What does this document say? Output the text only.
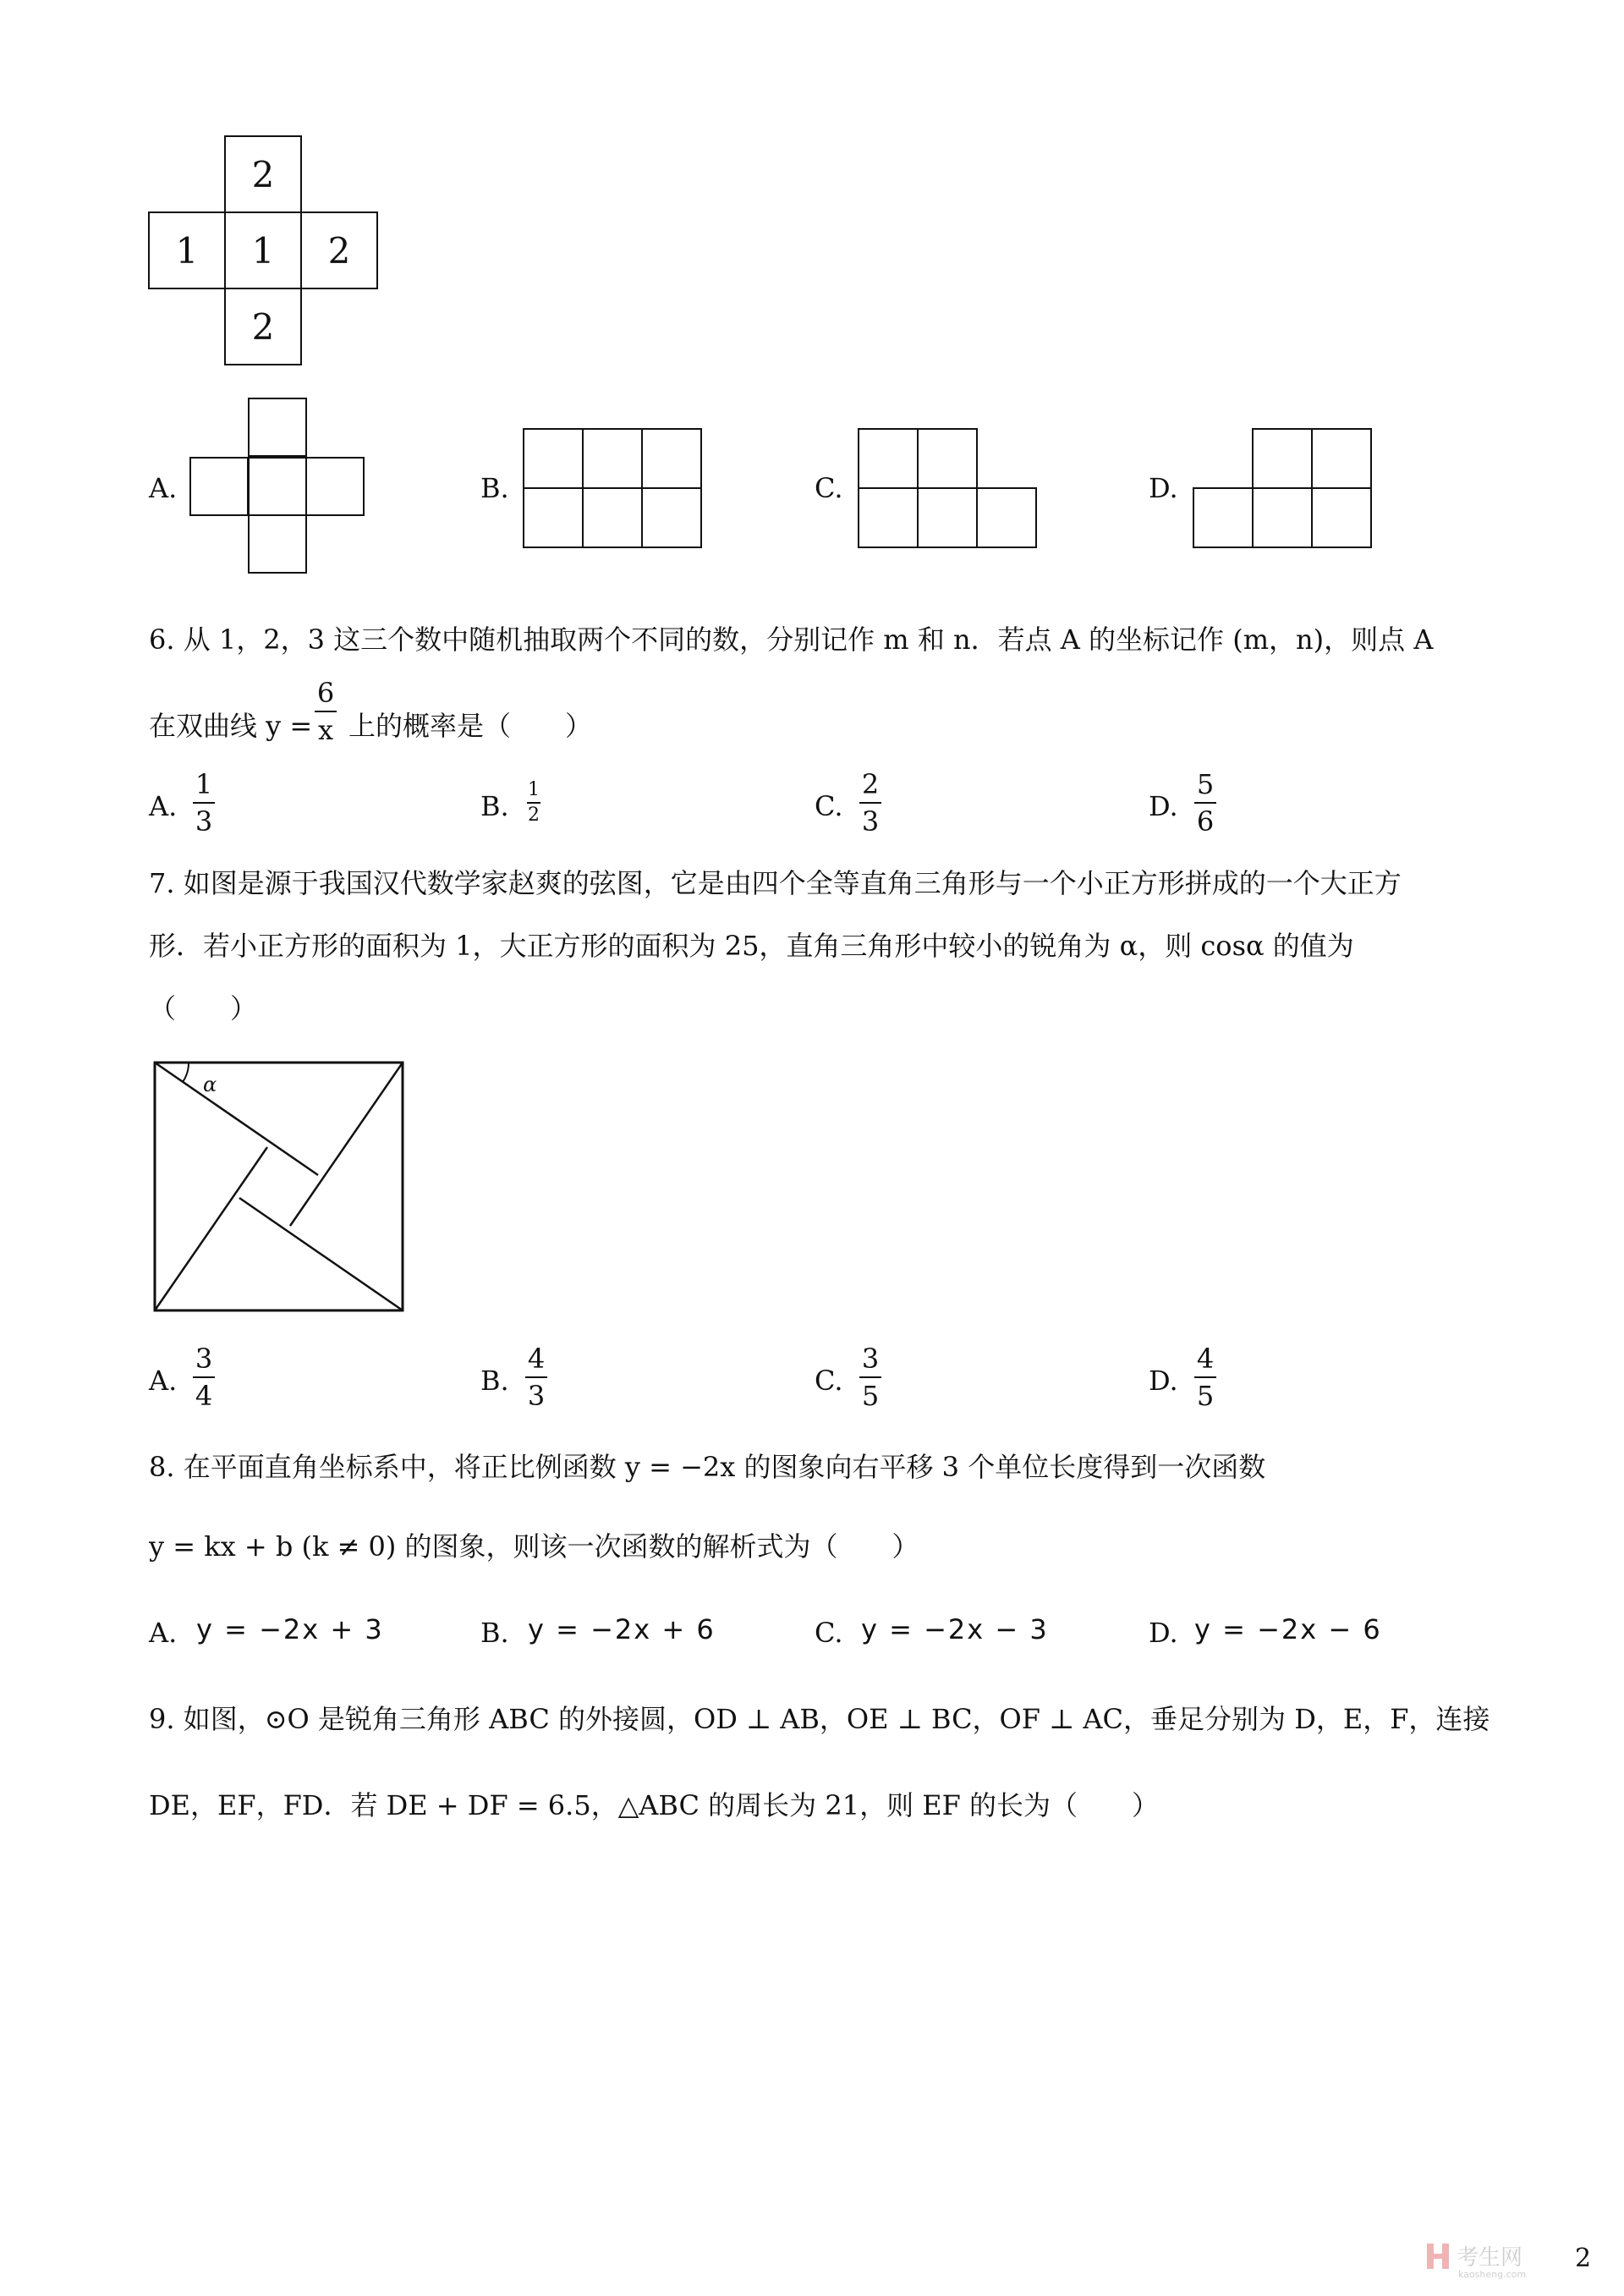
2
1	1	2
2
A.	B.	C.	D.
6. 从 1，2，3 这三个数中随机抽取两个不同的数，分别记作 m 和 n．若点 A 的坐标记作 (m，n)，则点 A
在双曲线 y =
6
x 上的概率是（　　）
A.
1
3	B.
1
2	C.
2
3	D.
5
6
7. 如图是源于我国汉代数学家赵爽的弦图，它是由四个全等直角三角形与一个小正方形拼成的一个大正方
形．若小正方形的面积为 1，大正方形的面积为 25，直角三角形中较小的锐角为 α，则 cosα 的值为
（　　）
α
A.
3
4	B.
4
3	C.
3
5	D.
4
5
8. 在平面直角坐标系中，将正比例函数 y = −2x 的图象向右平移 3 个单位长度得到一次函数
y = kx + b (k ≠ 0) 的图象，则该一次函数的解析式为（　　）
A. y = −2x + 3	B. y = −2x + 6	C. y = −2x − 3	D. y = −2x − 6
9. 如图，⊙O 是锐角三角形 ABC 的外接圆，OD ⊥ AB，OE ⊥ BC，OF ⊥ AC，垂足分别为 D，E，F，连接
DE，EF，FD．若 DE + DF = 6.5，△ABC 的周长为 21，则 EF 的长为（　　）
考生网
kaosheng.com
2
